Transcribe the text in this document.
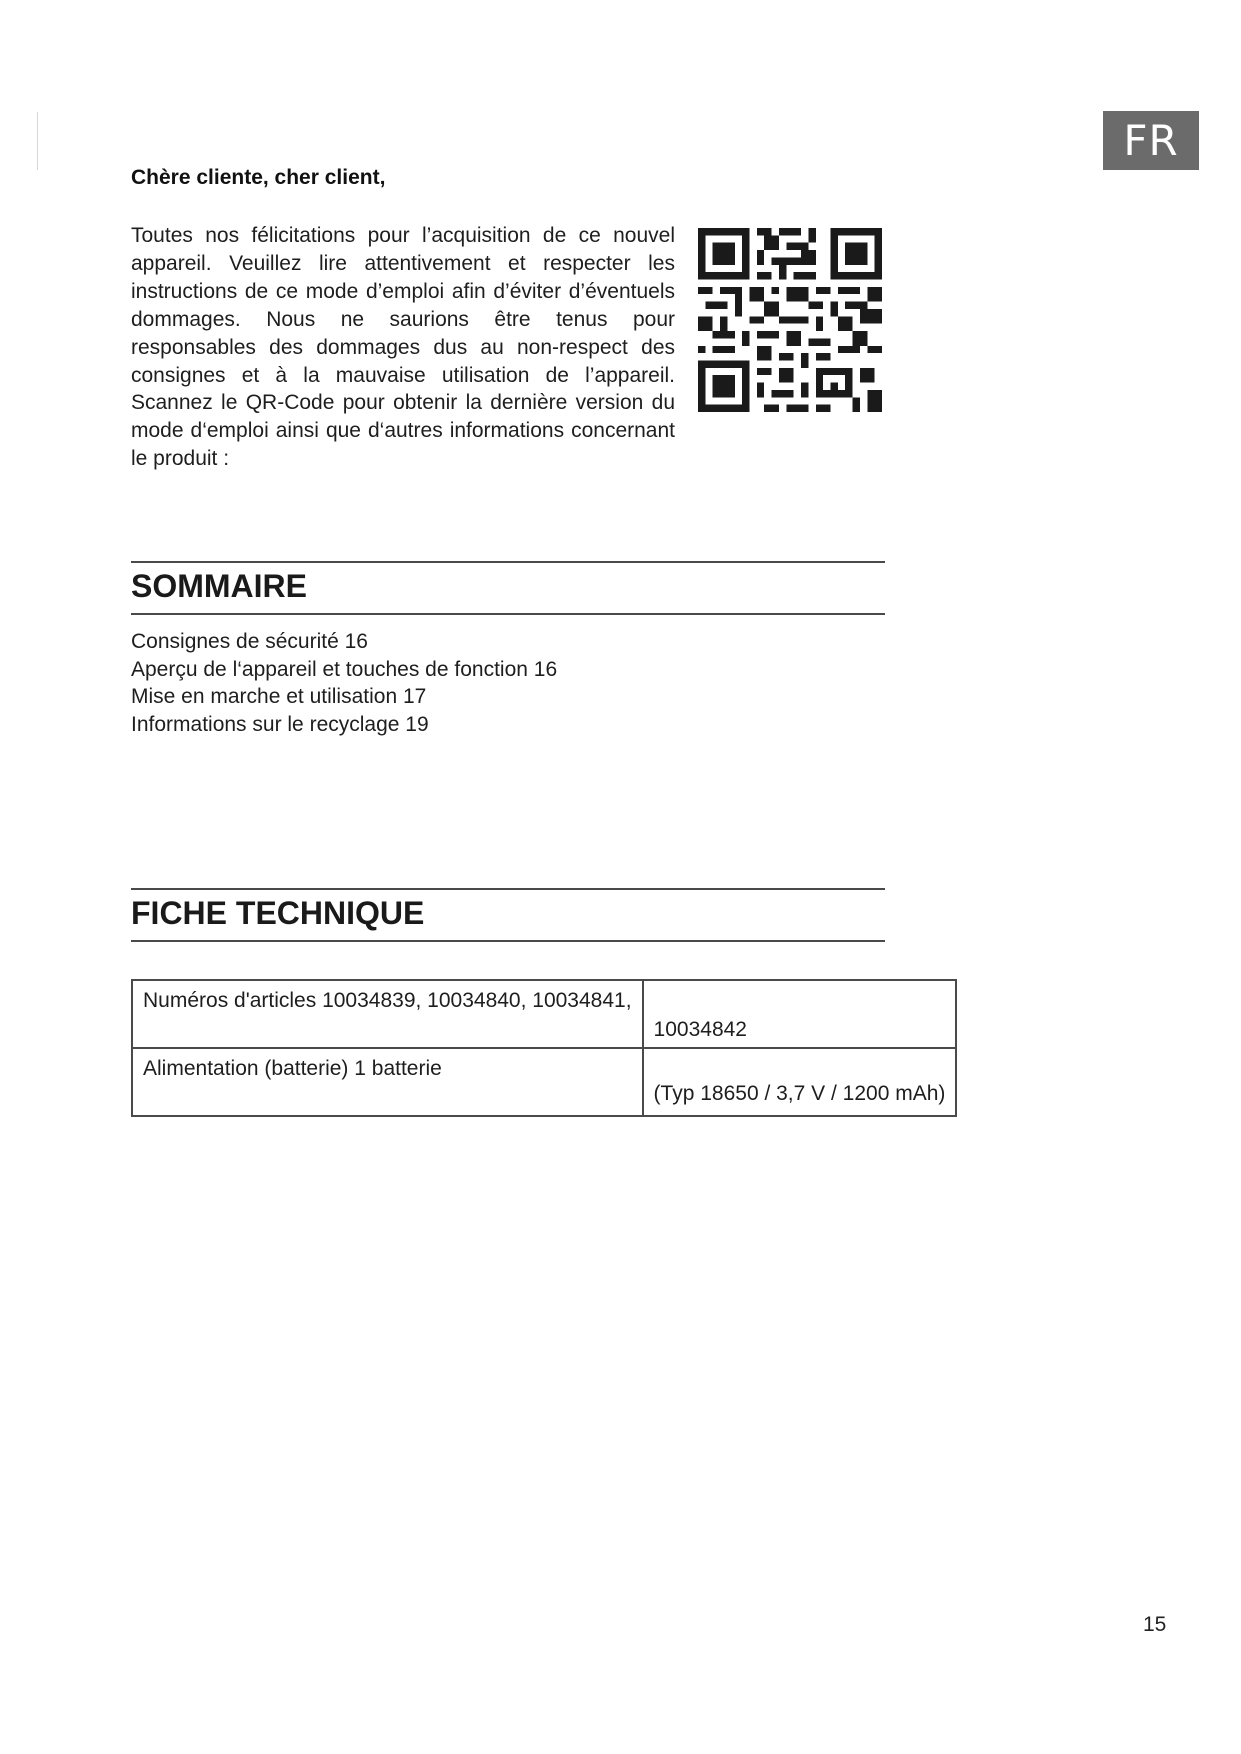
FR
Chère cliente, cher client,

Toutes nos félicitations pour l’acquisition de ce nouvel appareil. Veuillez lire attentivement et respecter les instructions de ce mode d’emploi afin d’éviter d’éventuels dommages. Nous ne saurions être tenus pour responsables des dommages dus au non-respect des consignes et à la mauvaise utilisation de l’appareil. Scannez le QR-Code pour obtenir la dernière version du mode d‘emploi ainsi que d‘autres informations concernant le produit :

SOMMAIRE
Consignes de sécurité 16
Aperçu de l‘appareil et touches de fonction 16
Mise en marche et utilisation 17
Informations sur le recyclage 19
FICHE TECHNIQUE
Numéros d'articles 10034839, 10034840, 10034841,	10034842

Alimentation (batterie) 1 batterie	(Typ 18650 / 3,7 V / 1200 mAh)
15
